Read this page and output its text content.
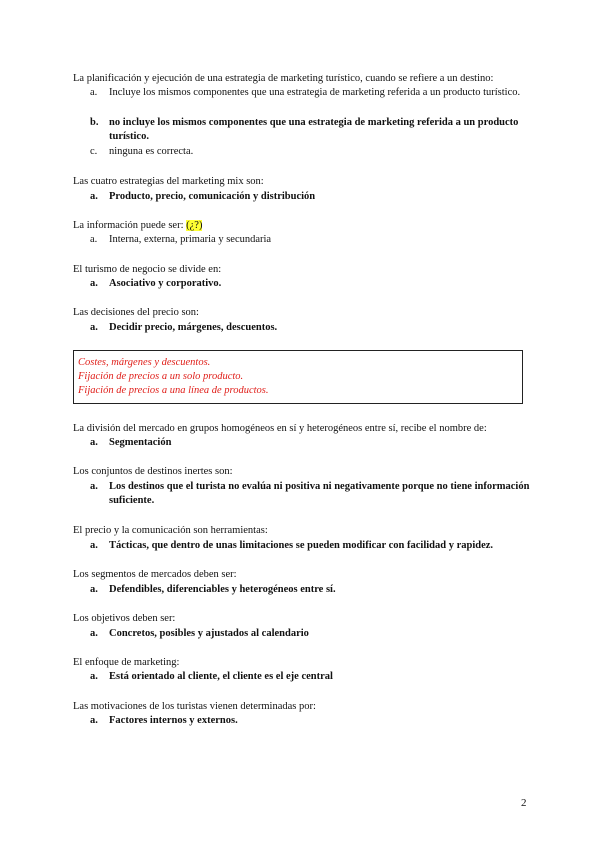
La planificación y ejecución de una estrategia de marketing turístico, cuando se refiere a un destino:
a.	Incluye los mismos componentes que una estrategia de marketing referida a un producto turístico.
b.	no incluye los mismos componentes que una estrategia de marketing referida a un producto turístico.
c.	ninguna es correcta.
Las cuatro estrategias del marketing mix son:
a.	Producto, precio, comunicación y distribución
La información puede ser: (¿?)
a.	Interna, externa, primaria y secundaria
El turismo de negocio se divide en:
a.	Asociativo y corporativo.
Las decisiones del precio son:
a.	Decidir precio, márgenes, descuentos.
Costes, márgenes y descuentos.
Fijación de precios a un solo producto.
Fijación de precios a una línea de productos.
La división del mercado en grupos homogéneos en sí y heterogéneos entre sí, recibe el nombre de:
a.	Segmentación
Los conjuntos de destinos inertes son:
a.	Los destinos que el turista no evalúa ni positiva ni negativamente porque no tiene información suficiente.
El precio y la comunicación son herramientas:
a.	Tácticas, que dentro de unas limitaciones se pueden modificar con facilidad y rapidez.
Los segmentos de mercados deben ser:
a.	Defendibles, diferenciables y heterogéneos entre sí.
Los objetivos deben ser:
a.	Concretos, posibles y ajustados al calendario
El enfoque de marketing:
a.	Está orientado al cliente, el cliente es el eje central
Las motivaciones de los turistas vienen determinadas por:
a.	Factores internos y externos.
2
